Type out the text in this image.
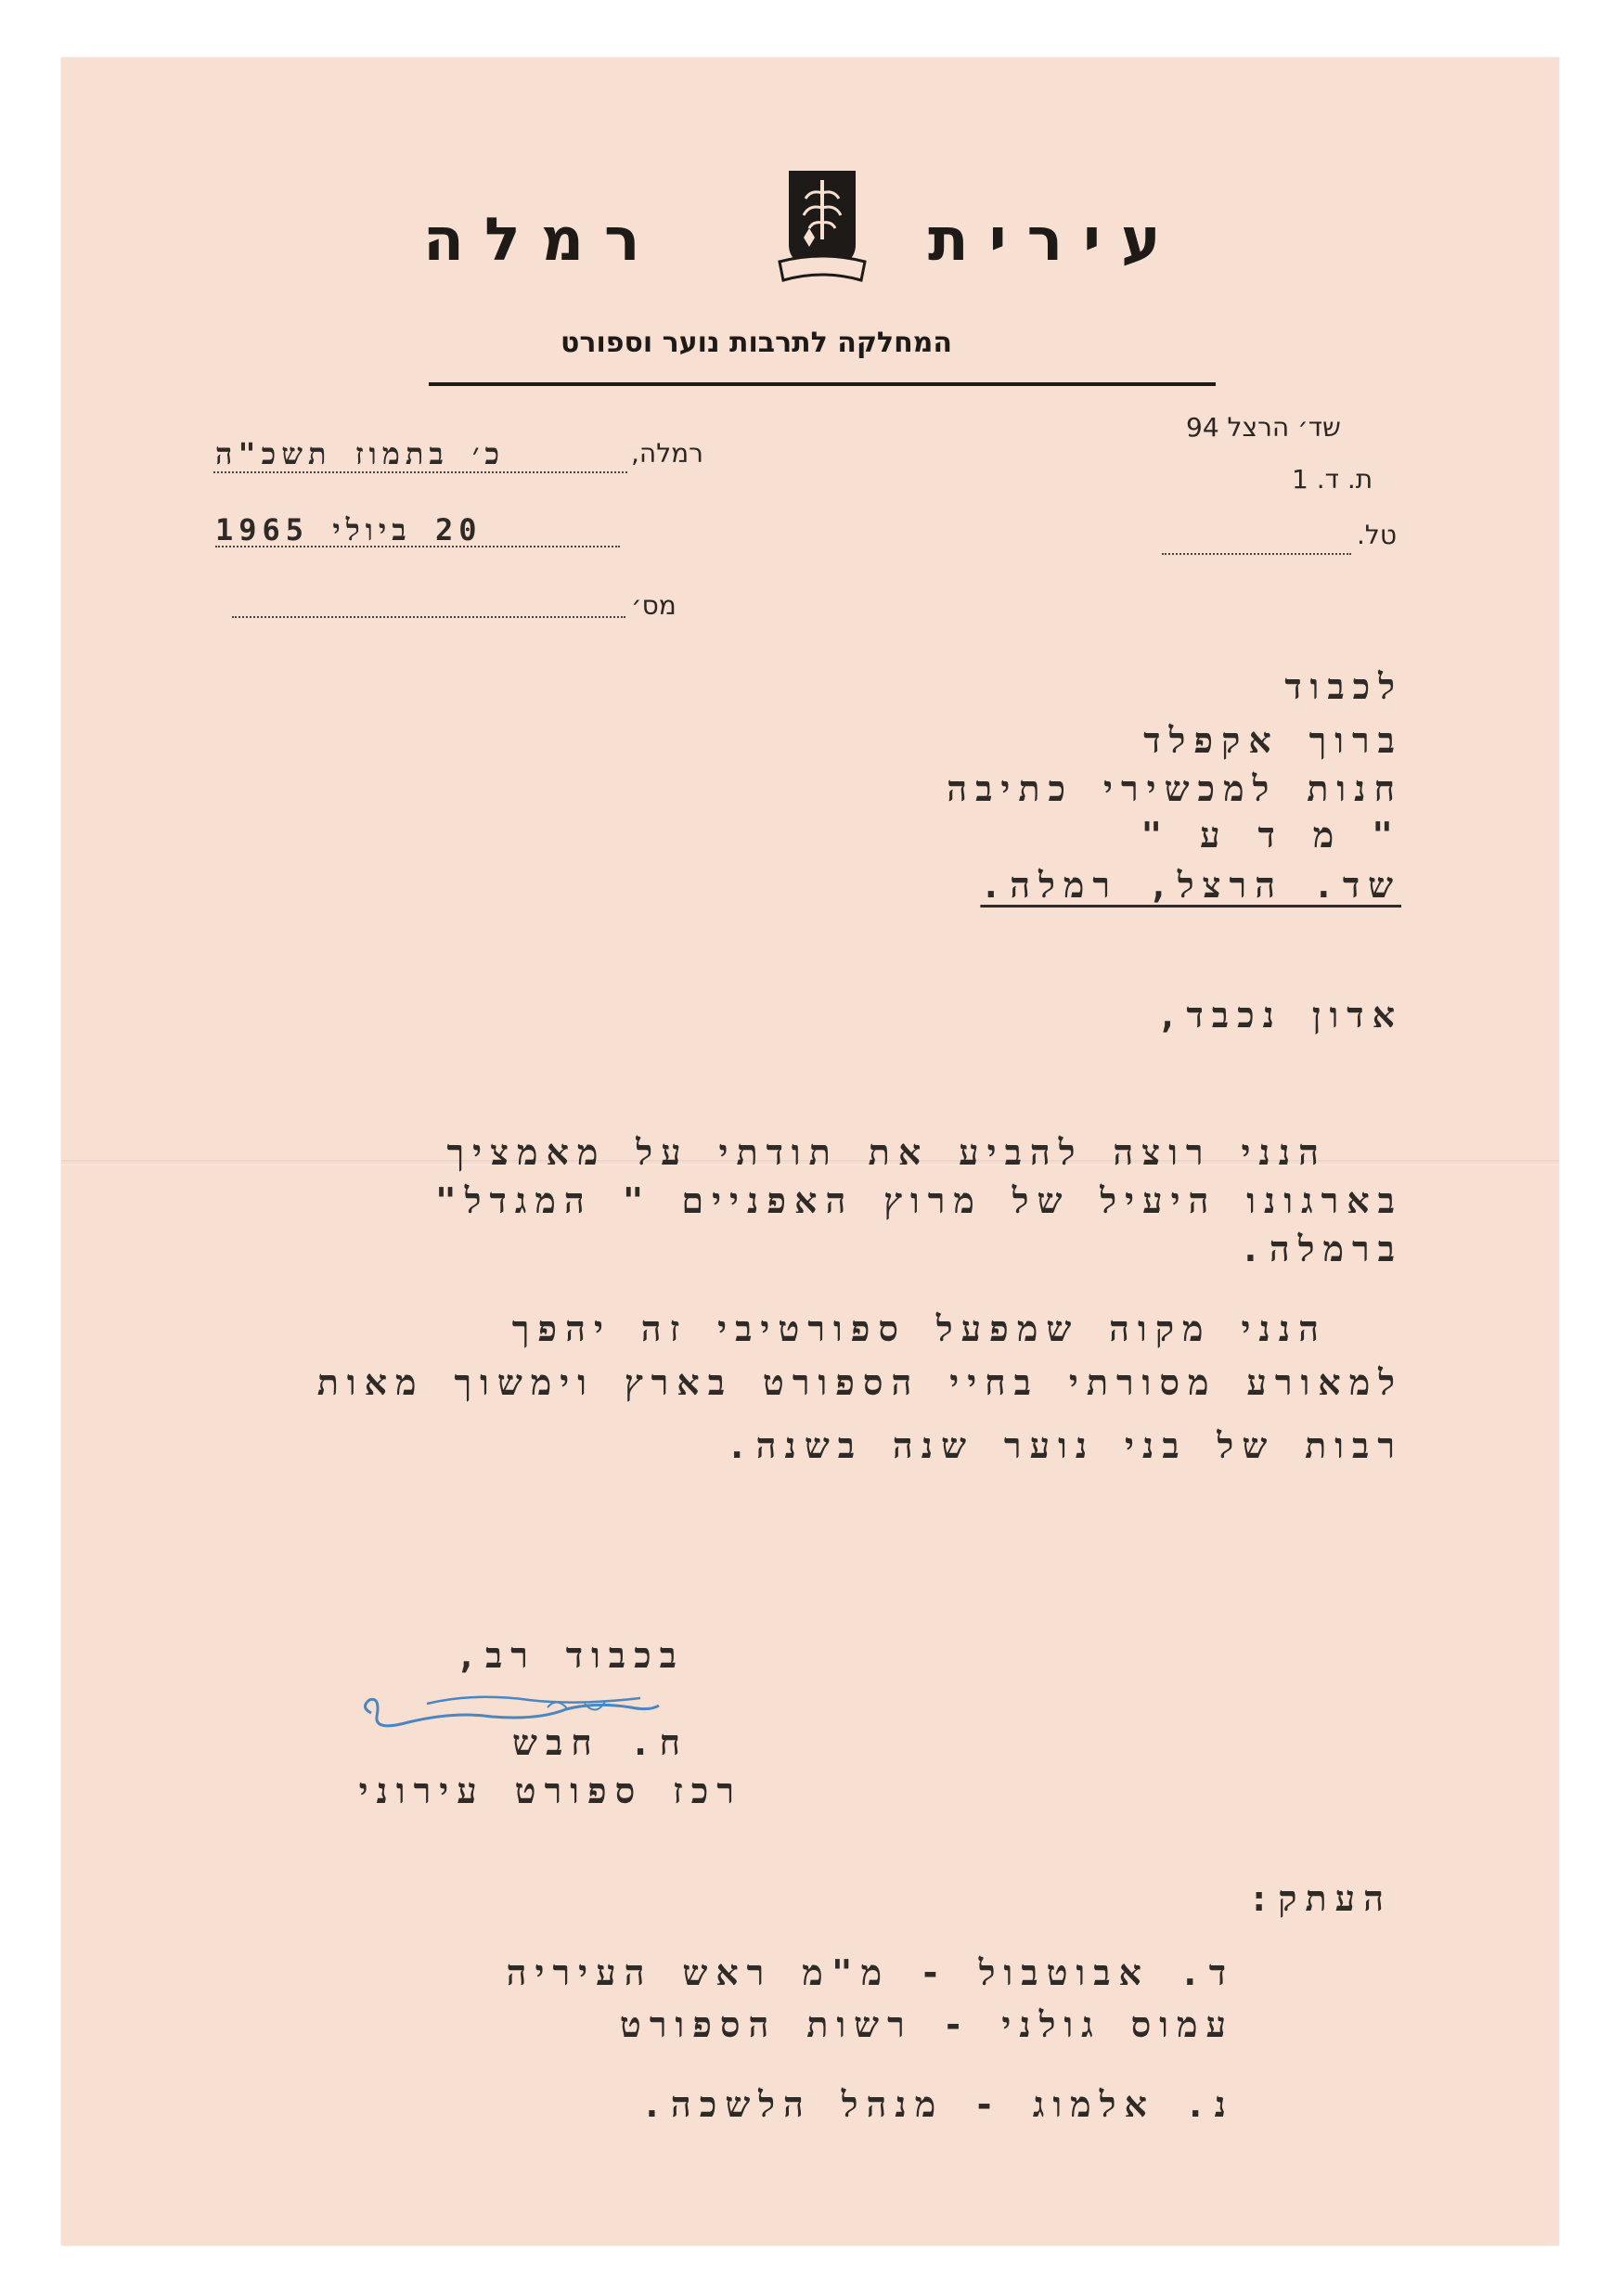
עירית
רמלה
המחלקה לתרבות נוער וספורט
שד׳ הרצל 94
ת. ד. 1
טל.
רמלה,
כ׳ בתמוז תשכ"ה
20 ביולי 1965
מס׳
לכבוד
ברוך אקפלד
חנות למכשירי כתיבה
" מ ד ע "
שד. הרצל, רמלה.
אדון נכבד,
הנני רוצה להביע את תודתי על מאמציך
בארגונו היעיל של מרוץ האפניים " המגדל"
ברמלה.
הנני מקוה שמפעל ספורטיבי זה יהפך
למאורע מסורתי בחיי הספורט בארץ וימשוך מאות
רבות של בני נוער שנה בשנה.
בכבוד רב,
ח. חבש
רכז ספורט עירוני
העתק:
ד. אבוטבול - מ"מ ראש העיריה
עמוס גולני - רשות הספורט
נ. אלמוג - מנהל הלשכה.
